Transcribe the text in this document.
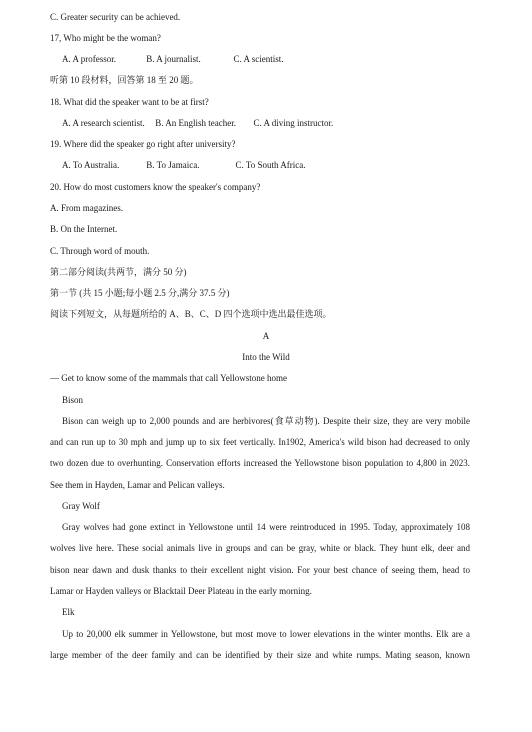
C. Greater security can be achieved.
17, Who might be the woman?
A. A professor.	B. A journalist.	C. A scientist.
听第 10 段材料，回答第 18 至 20 题。
18. What did the speaker want to be at first?
A. A research scientist. B. An English teacher. C. A diving instructor.
19. Where did the speaker go right after university?
A. To Australia.	B. To Jamaica.	C. To South Africa.
20. How do most customers know the speaker's company?
A. From magazines.
B. On the Internet.
C. Through word of mouth.
第二部分阅读(共两节，满分 50 分)
第一节 (共 15 小题;每小题 2.5 分,满分 37.5 分)
阅读下列短文，从每题所给的 A、B、C、D 四个选项中选出最佳选项。
A
Into the Wild
— Get to know some of the mammals that call Yellowstone home
Bison
Bison can weigh up to 2,000 pounds and are herbivores(食草动物). Despite their size, they are very mobile
and can run up to 30 mph and jump up to six feet vertically. In1902, America's wild bison had decreased to only
two dozen due to overhunting. Conservation efforts increased the Yellowstone bison population to 4,800 in 2023.
See them in Hayden, Lamar and Pelican valleys.
Gray Wolf
Gray wolves had gone extinct in Yellowstone until 14 were reintroduced in 1995. Today, approximately 108
wolves live here. These social animals live in groups and can be gray, white or black. They hunt elk, deer and
bison near dawn and dusk thanks to their excellent night vision. For your best chance of seeing them, head to
Lamar or Hayden valleys or Blacktail Deer Plateau in the early morning.
Elk
Up to 20,000 elk summer in Yellowstone, but most move to lower elevations in the winter months. Elk are a
large member of the deer family and can be identified by their size and white rumps. Mating season, known
